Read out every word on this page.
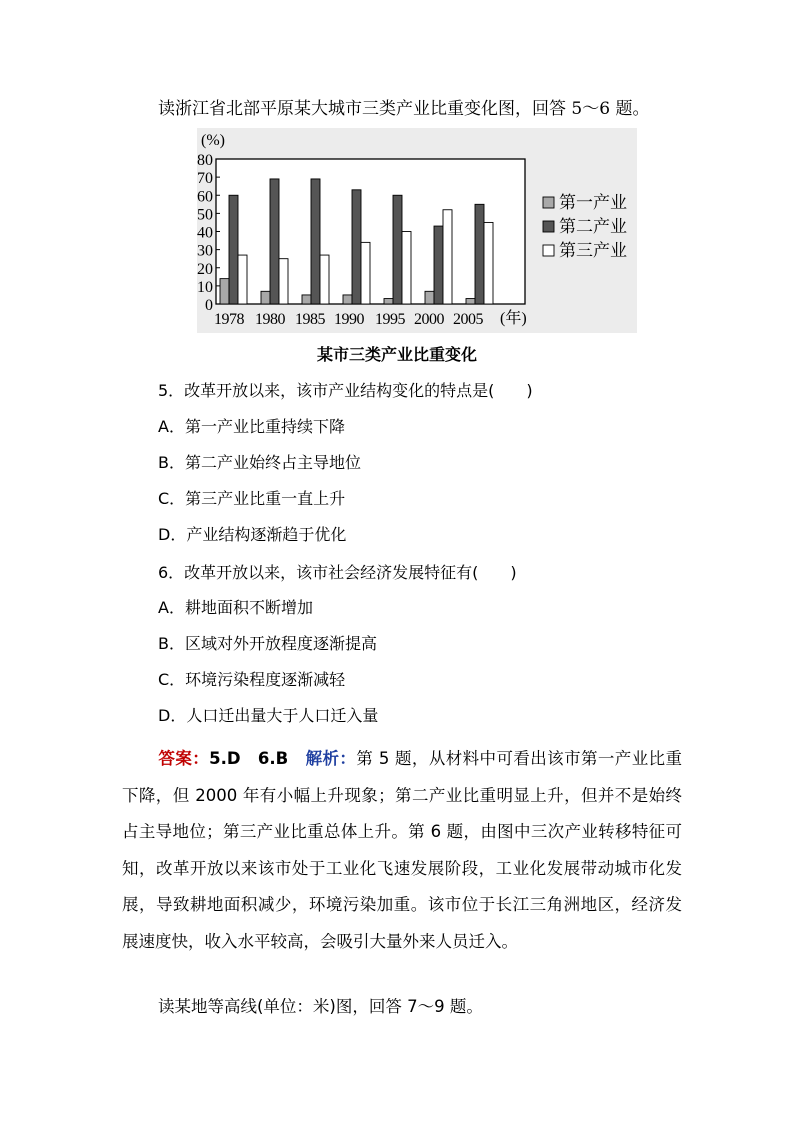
读浙江省北部平原某大城市三类产业比重变化图，回答 5～6 题。
0
10
20
30
40
50
60
70
80
(%)
1978 1980 1985 1990 1995 2000 2005 (年)
第一产业
第二产业
第三产业
某市三类产业比重变化
5．改革开放以来，该市产业结构变化的特点是(　　)
A．第一产业比重持续下降
B．第二产业始终占主导地位
C．第三产业比重一直上升
D．产业结构逐渐趋于优化
6．改革开放以来，该市社会经济发展特征有(　　)
A．耕地面积不断增加
B．区域对外开放程度逐渐提高
C．环境污染程度逐渐减轻
D．人口迁出量大于人口迁入量
答案：5.D　6.B　 解析：第 5 题，从材料中可看出该市第一产业比重下降，但 2000 年有小幅上升现象；第二产业比重明显上升，但并不是始终占主导地位；第三产业比重总体上升。第 6 题，由图中三次产业转移特征可知，改革开放以来该市处于工业化飞速发展阶段，工业化发展带动城市化发展，导致耕地面积减少，环境污染加重。该市位于长江三角洲地区，经济发展速度快，收入水平较高，会吸引大量外来人员迁入。
读某地等高线(单位：米)图，回答 7～9 题。
